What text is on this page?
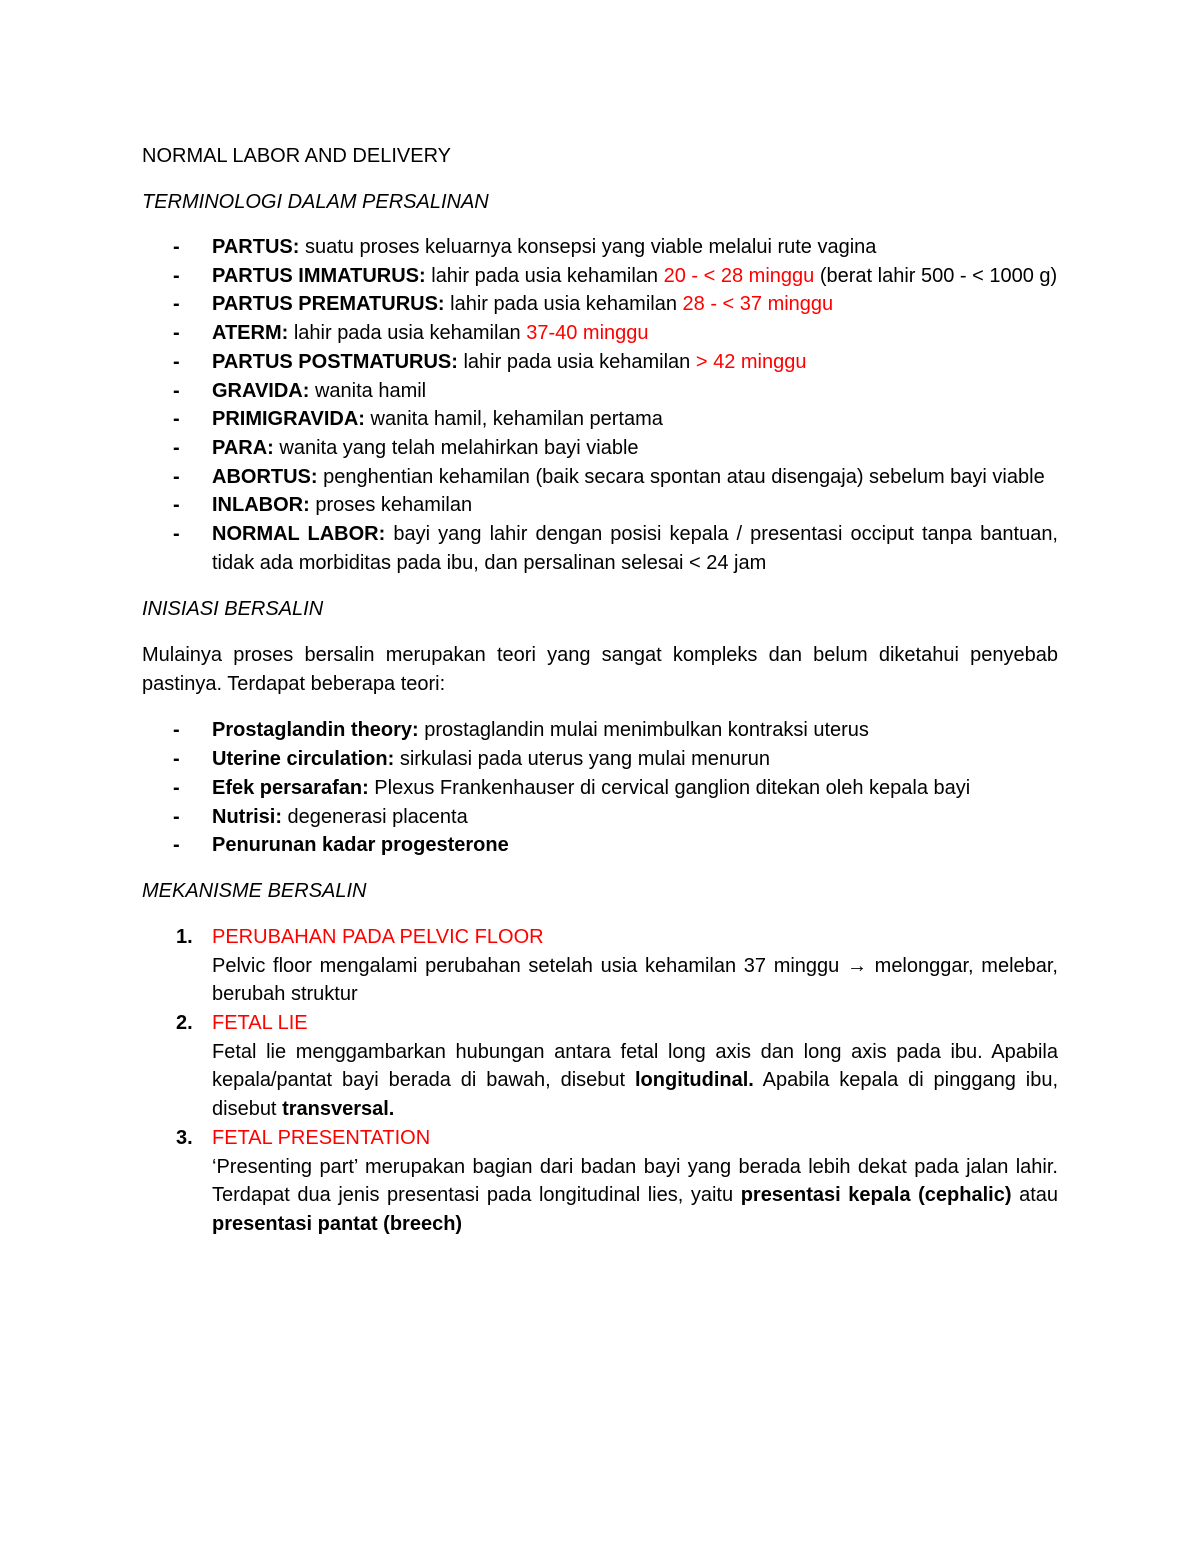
NORMAL LABOR AND DELIVERY

TERMINOLOGI DALAM PERSALINAN

- PARTUS: suatu proses keluarnya konsepsi yang viable melalui rute vagina
- PARTUS IMMATURUS: lahir pada usia kehamilan 20 - < 28 minggu (berat lahir 500 - < 1000 g)
- PARTUS PREMATURUS: lahir pada usia kehamilan 28 - < 37 minggu
- ATERM: lahir pada usia kehamilan 37-40 minggu
- PARTUS POSTMATURUS: lahir pada usia kehamilan > 42 minggu
- GRAVIDA: wanita hamil
- PRIMIGRAVIDA: wanita hamil, kehamilan pertama
- PARA: wanita yang telah melahirkan bayi viable
- ABORTUS: penghentian kehamilan (baik secara spontan atau disengaja) sebelum bayi viable
- INLABOR: proses kehamilan
- NORMAL LABOR: bayi yang lahir dengan posisi kepala / presentasi occiput tanpa bantuan, tidak ada morbiditas pada ibu, dan persalinan selesai < 24 jam

INISIASI BERSALIN

Mulainya proses bersalin merupakan teori yang sangat kompleks dan belum diketahui penyebab pastinya. Terdapat beberapa teori:

- Prostaglandin theory: prostaglandin mulai menimbulkan kontraksi uterus
- Uterine circulation: sirkulasi pada uterus yang mulai menurun
- Efek persarafan: Plexus Frankenhauser di cervical ganglion ditekan oleh kepala bayi
- Nutrisi: degenerasi placenta
- Penurunan kadar progesterone

MEKANISME BERSALIN

1. PERUBAHAN PADA PELVIC FLOOR
Pelvic floor mengalami perubahan setelah usia kehamilan 37 minggu → melonggar, melebar, berubah struktur
2. FETAL LIE
Fetal lie menggambarkan hubungan antara fetal long axis dan long axis pada ibu. Apabila kepala/pantat bayi berada di bawah, disebut longitudinal. Apabila kepala di pinggang ibu, disebut transversal.
3. FETAL PRESENTATION
‘Presenting part’ merupakan bagian dari badan bayi yang berada lebih dekat pada jalan lahir. Terdapat dua jenis presentasi pada longitudinal lies, yaitu presentasi kepala (cephalic) atau presentasi pantat (breech)
